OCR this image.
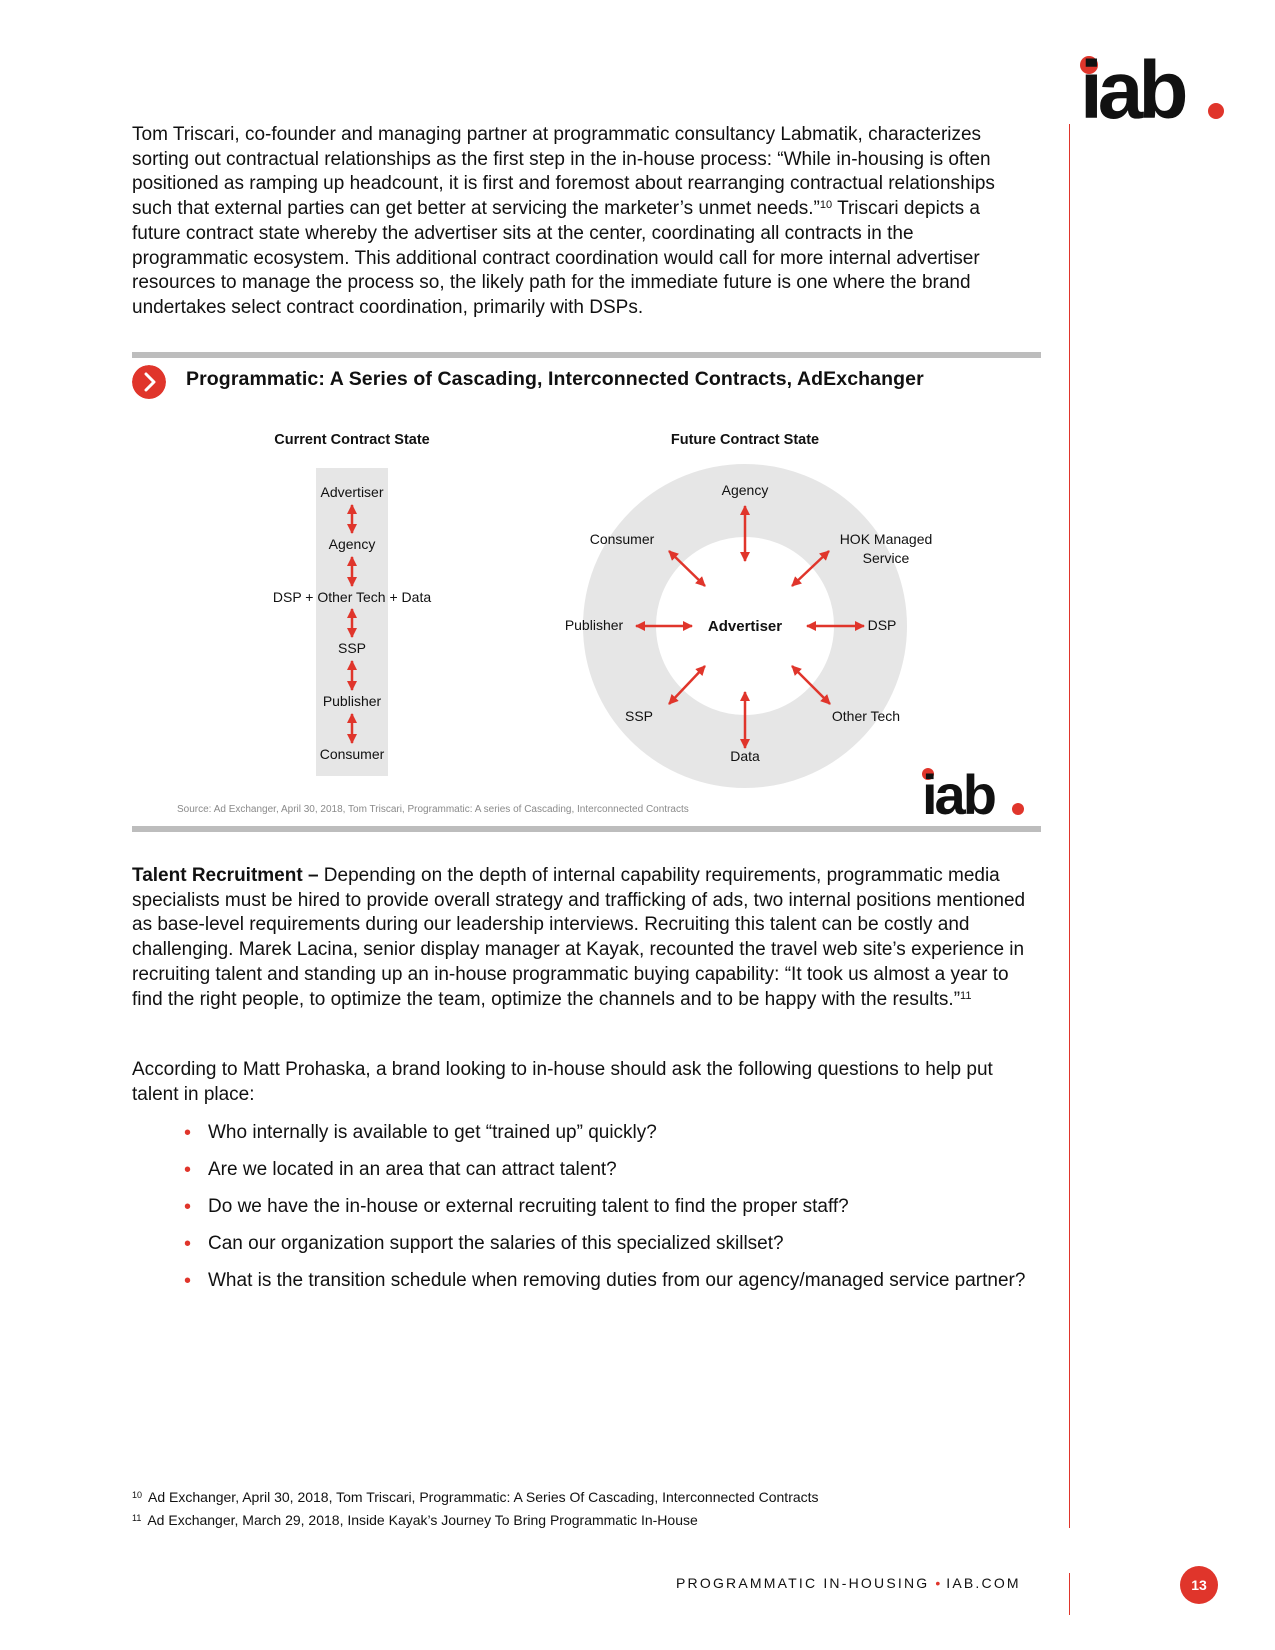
iab

Tom Triscari, co-founder and managing partner at programmatic consultancy Labmatik, characterizes sorting out contractual relationships as the first step in the in-house process: “While in-housing is often positioned as ramping up headcount, it is first and foremost about rearranging contractual relationships such that external parties can get better at servicing the marketer’s unmet needs.”$^{10}$ Triscari depicts a future contract state whereby the advertiser sits at the center, coordinating all contracts in the programmatic ecosystem. This additional contract coordination would call for more internal advertiser resources to manage the process so, the likely path for the immediate future is one where the brand undertakes select contract coordination, primarily with DSPs.

Programmatic: A Series of Cascading, Interconnected Contracts, AdExchanger
Current Contract State
Advertiser
Agency
DSP + Other Tech + Data
SSP
Publisher
Consumer
Future Contract State
Advertiser
Agency
Consumer	HOK Managed
Service
Publisher	DSP
SSP	Other Tech
Data
iab
Source: Ad Exchanger, April 30, 2018, Tom Triscari, Programmatic: A series of Cascading, Interconnected Contracts

Talent Recruitment – Depending on the depth of internal capability requirements, programmatic media specialists must be hired to provide overall strategy and trafficking of ads, two internal positions mentioned as base-level requirements during our leadership interviews. Recruiting this talent can be costly and challenging. Marek Lacina, senior display manager at Kayak, recounted the travel web site’s experience in recruiting talent and standing up an in-house programmatic buying capability: “It took us almost a year to find the right people, to optimize the team, optimize the channels and to be happy with the results.”$^{11}$

According to Matt Prohaska, a brand looking to in-house should ask the following questions to help put talent in place:

• Who internally is available to get “trained up” quickly?
• Are we located in an area that can attract talent?
• Do we have the in-house or external recruiting talent to find the proper staff?
• Can our organization support the salaries of this specialized skillset?
• What is the transition schedule when removing duties from our agency/managed service partner?
$^{10}$ Ad Exchanger, April 30, 2018, Tom Triscari, Programmatic: A Series Of Cascading, Interconnected Contracts
$^{11}$ Ad Exchanger, March 29, 2018, Inside Kayak’s Journey To Bring Programmatic In-House
PROGRAMMATIC IN-HOUSING • IAB.COM	13
